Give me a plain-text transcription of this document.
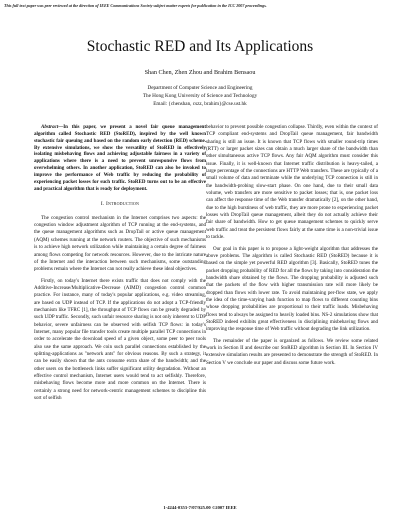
This full text paper was peer reviewed at the direction of IEEE Communications Society subject matter experts for publication in the ICC 2007 proceedings.
Stochastic RED and Its Applications
Shan Chen, Zhen Zhou and Brahim Bensaou
Department of Computer Science and Engineering
The Hong Kong University of Science and Technology
Email: {chenshan, cszz, brahim}@cse.ust.hk

Abstract—In this paper, we present a novel fair queue management algorithm called Stochastic RED (StoRED), inspired by the well known stochastic fair queuing and based on the random early detection (RED) scheme. By extensive simulations, we show the versatility of StoRED in effectively isolating misbehaving flows and achieving adjustable fairness in a variety of applications where there is a need to prevent unresponsive flows from overwhelming others. In another application, StoRED can also be invoked to improve the performance of Web traffic by reducing the probability of experiencing packet losses for such traffic. StoRED turns out to be an effective and practical algorithm that is ready for deployment.

I. Introduction

The congestion control mechanism in the Internet comprises two aspects: the congestion window adjustment algorithm of TCP running at the end-systems, and the queue management algorithms such as DropTail or active queue management (AQM) schemes running at the network routers. The objective of such mechanisms is to achieve high network utilization while maintaining a certain degree of fairness among flows competing for network resources. However, due to the intricate nature of the Internet and the interaction between such mechanisms, some outstanding problems remain where the Internet can not really achieve these ideal objectives.

Firstly, on today's Internet there exists traffic that does not comply with the Additive-Increase/Multiplicative-Decrease (AIMD) congestion control common practice. For instance, many of today's popular applications, e.g. video streaming, are based on UDP instead of TCP. If the applications do not adopt a TCP-friendly mechanism like TFRC [1], the throughput of TCP flows can be greatly degraded by such UDP traffic. Secondly, such unfair resource sharing is not only inherent to UDP behavior, severe unfairness can be observed with selfish TCP flows: in today's Internet, many popular file transfer tools create multiple parallel TCP connections in order to accelerate the download speed of a given object, some peer to peer tools also use the same approach. We coin such parallel connections established by the splitting-applications as "network ants" for obvious reasons. By such a strategy, it can be easily shown that the ants consume extra share of the bandwidth; and the other users on the bottleneck links suffer significant utility degradation. Without an effective control mechanism, Internet users would tend to act selfishly. Therefore, misbehaving flows become more and more common on the Internet. There is certainly a strong need for network-centric management schemes to discipline this sort of selfish

behavior to prevent possible congestion collapse. Thirdly, even within the context of TCP compliant end-systems and DropTail queue management, fair bandwidth sharing is still an issue. It is known that TCP flows with smaller round-trip times (RTT) or larger packet sizes can obtain a much larger share of the bandwidth than other simultaneous active TCP flows. Any fair AQM algorithm must consider this issue. Finally, it is well-known that Internet traffic distribution is heavy-tailed, a large percentage of the connections are HTTP Web transfers. These are typically of a small volume of data and terminate while the underlying TCP connection is still in the bandwidth-probing slow-start phase. On one hand, due to their small data volume, web transfers are more sensitive to packet losses; that is, one packet loss can affect the response time of the Web transfer dramatically [2], on the other hand, due to the high burstiness of web traffic, they are more prone to experiencing packet losses with DropTail queue management, albeit they do not actually achieve their fair share of bandwidth. How to get queue management schemes to quickly serve web traffic and treat the persistent flows fairly at the same time is a non-trivial issue to tackle.

Our goal in this paper is to propose a light-weight algorithm that addresses the above problems. The algorithm is called Stochastic RED (StoRED) because it is based on the simple yet powerful RED algorithm [3]. Basically, StoRED tunes the packet dropping probability of RED for all the flows by taking into consideration the bandwidth share obtained by the flows. The dropping probability is adjusted such that the packets of the flow with higher transmission rate will more likely be dropped than flows with lower rate. To avoid maintaining per-flow state, we apply the idea of the time-varying hash function to map flows to different counting bins whose dropping probabilities are proportional to their traffic loads. Misbehaving flows tend to always be assigned to heavily loaded bins. NS-2 simulations show that StoRED indeed exhibits great effectiveness in disciplining misbehaving flows and improving the response time of Web traffic without degrading the link utilization.

The remainder of the paper is organized as follows. We review some related work in Section II and describe our StoRED algorithm in Section III. In Section IV extensive simulation results are presented to demonstrate the strength of StoRED. In Section V we conclude our paper and discuss some future work.

1-4244-0353-7/07/$25.00 ©2007 IEEE
